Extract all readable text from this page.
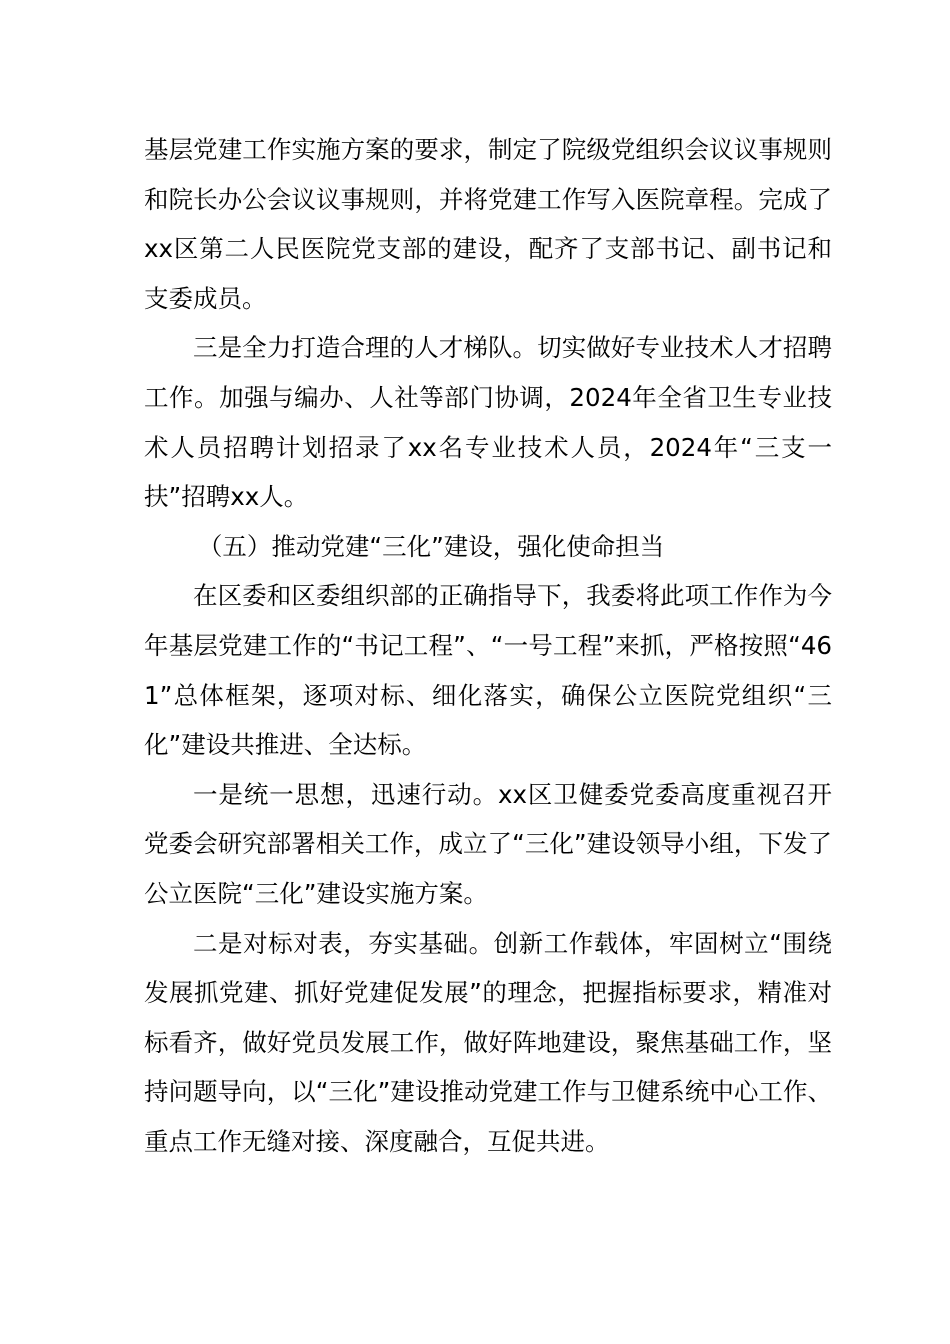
基层党建工作实施方案的要求，制定了院级党组织会议议事规则和院长办公会议议事规则，并将党建工作写入医院章程。完成了xx区第二人民医院党支部的建设，配齐了支部书记、副书记和支委成员。

三是全力打造合理的人才梯队。切实做好专业技术人才招聘工作。加强与编办、人社等部门协调，2024年全省卫生专业技术人员招聘计划招录了xx名专业技术人员，2024年“三支一扶”招聘xx人。

（五）推动党建“三化”建设，强化使命担当

在区委和区委组织部的正确指导下，我委将此项工作作为今年基层党建工作的“书记工程”、“一号工程”来抓，严格按照“461”总体框架，逐项对标、细化落实，确保公立医院党组织“三化”建设共推进、全达标。

一是统一思想，迅速行动。xx区卫健委党委高度重视召开党委会研究部署相关工作，成立了“三化”建设领导小组，下发了公立医院“三化”建设实施方案。

二是对标对表，夯实基础。创新工作载体，牢固树立“围绕发展抓党建、抓好党建促发展”的理念，把握指标要求，精准对标看齐，做好党员发展工作，做好阵地建设，聚焦基础工作，坚持问题导向，以“三化”建设推动党建工作与卫健系统中心工作、重点工作无缝对接、深度融合，互促共进。
